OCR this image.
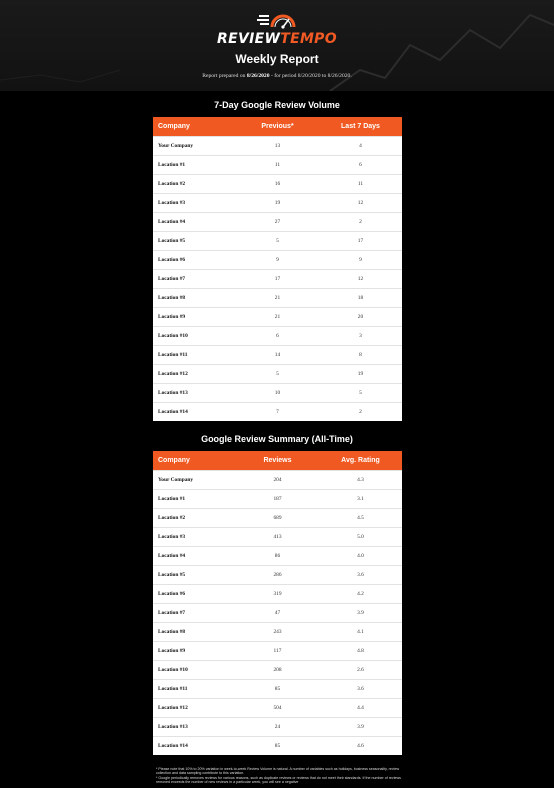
REVIEWTEMPO
Weekly Report
Report prepared on 8/26/2020 - for period 8/20/2020 to 8/26/2020.
7-Day Google Review Volume
Company	Previous*	Last 7 Days
Your Company	13	4
Location #1	11	6
Location #2	16	11
Location #3	19	12
Location #4	27	2
Location #5	5	17
Location #6	9	9
Location #7	17	12
Location #8	21	18
Location #9	21	20
Location #10	6	3
Location #11	14	8
Location #12	5	19
Location #13	10	5
Location #14	7	2
Google Review Summary (All-Time)
Company	Reviews	Avg. Rating
Your Company	204	4.3
Location #1	187	3.1
Location #2	689	4.5
Location #3	413	5.0
Location #4	86	4.0
Location #5	286	3.6
Location #6	319	4.2
Location #7	47	3.9
Location #8	243	4.1
Location #9	117	4.8
Location #10	208	2.6
Location #11	85	3.6
Location #12	504	4.4
Location #13	24	3.9
Location #14	85	4.6
* Please note that 10% to 20% variation in week-to-week Review Volume is natural. A number of variables such as holidays, business seasonality, review collection and data sampling contribute to this variation.
* Google periodically removes reviews for various reasons, such as duplicate reviews or reviews that do not meet their standards. If the number of reviews removed exceeds the number of new reviews in a particular week, you will see a negative
